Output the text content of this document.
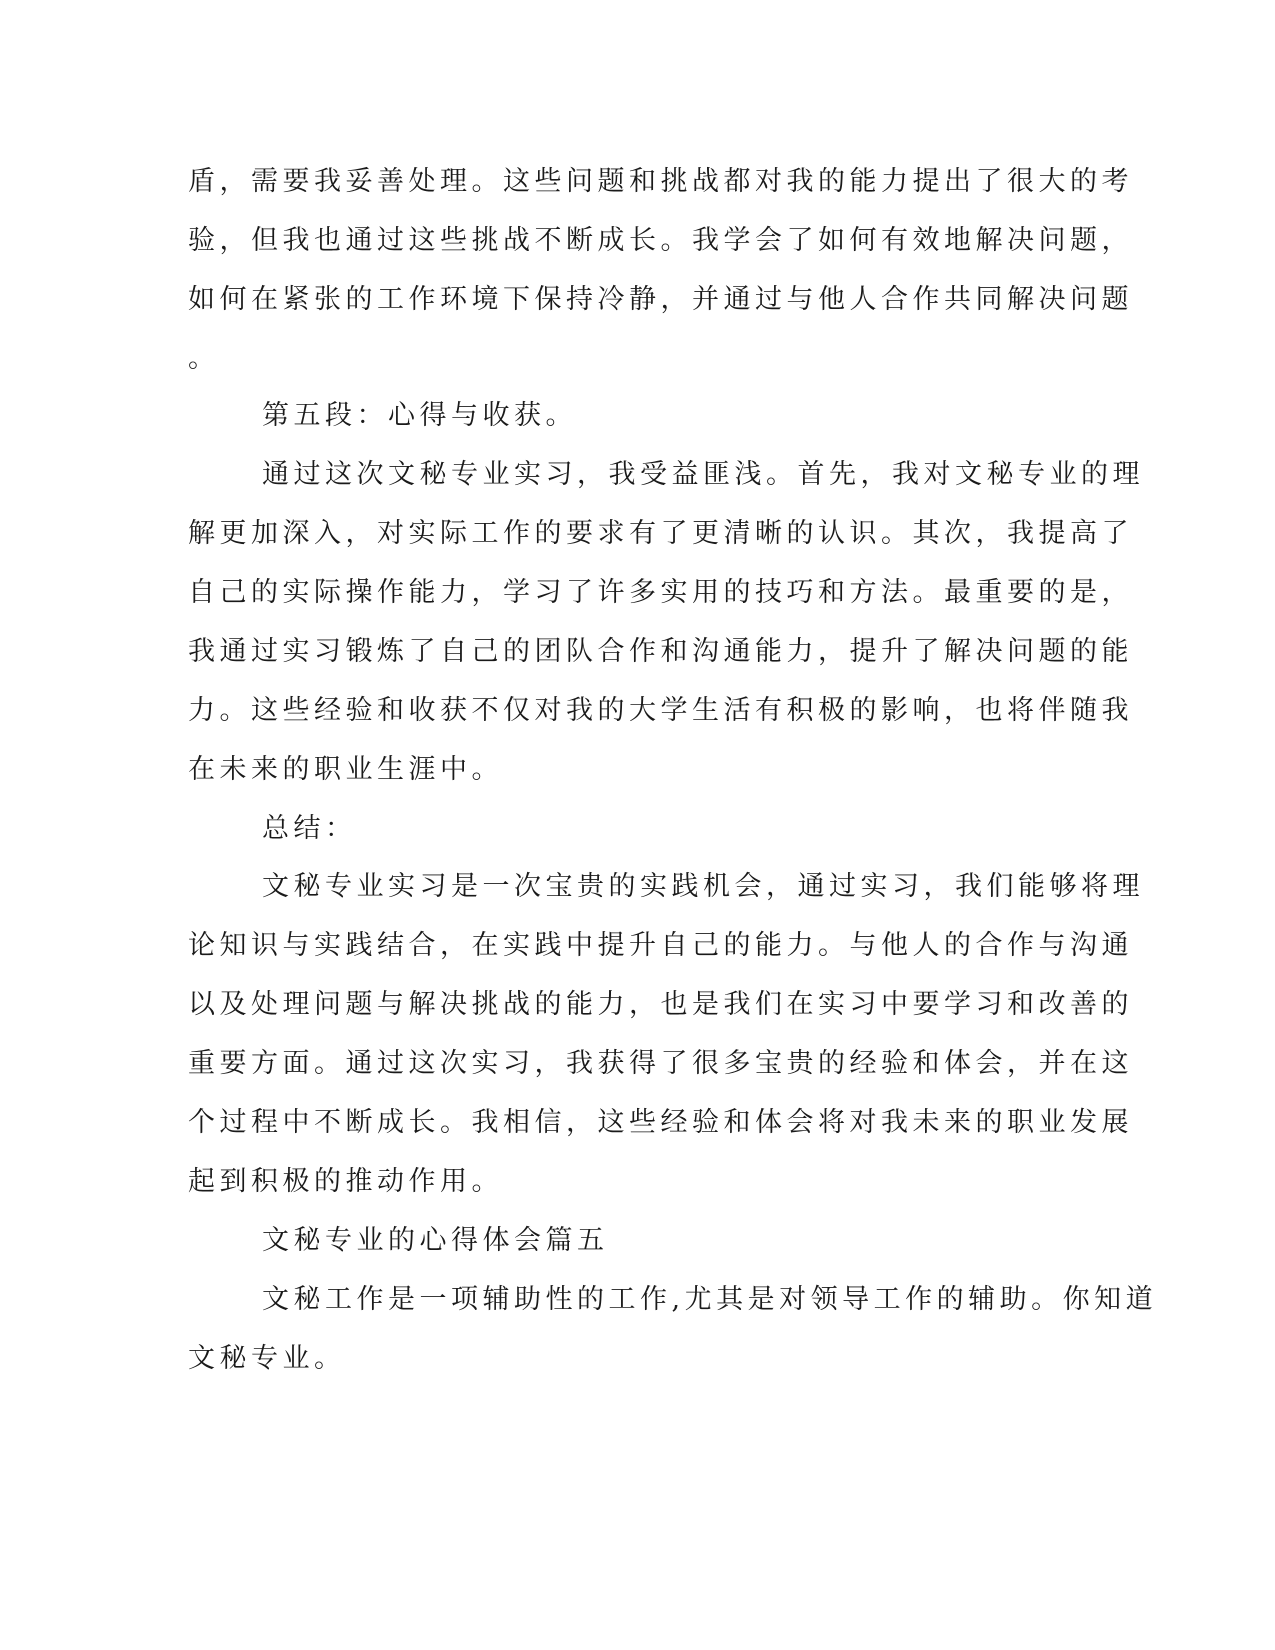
盾，需要我妥善处理。这些问题和挑战都对我的能力提出了很大的考
验，但我也通过这些挑战不断成长。我学会了如何有效地解决问题，
如何在紧张的工作环境下保持冷静，并通过与他人合作共同解决问题
。
第五段：心得与收获。
通过这次文秘专业实习，我受益匪浅。首先，我对文秘专业的理
解更加深入，对实际工作的要求有了更清晰的认识。其次，我提高了
自己的实际操作能力，学习了许多实用的技巧和方法。最重要的是，
我通过实习锻炼了自己的团队合作和沟通能力，提升了解决问题的能
力。这些经验和收获不仅对我的大学生活有积极的影响，也将伴随我
在未来的职业生涯中。
总结：
文秘专业实习是一次宝贵的实践机会，通过实习，我们能够将理
论知识与实践结合，在实践中提升自己的能力。与他人的合作与沟通
以及处理问题与解决挑战的能力，也是我们在实习中要学习和改善的
重要方面。通过这次实习，我获得了很多宝贵的经验和体会，并在这
个过程中不断成长。我相信，这些经验和体会将对我未来的职业发展
起到积极的推动作用。
文秘专业的心得体会篇五
文秘工作是一项辅助性的工作,尤其是对领导工作的辅助。你知道
文秘专业。
